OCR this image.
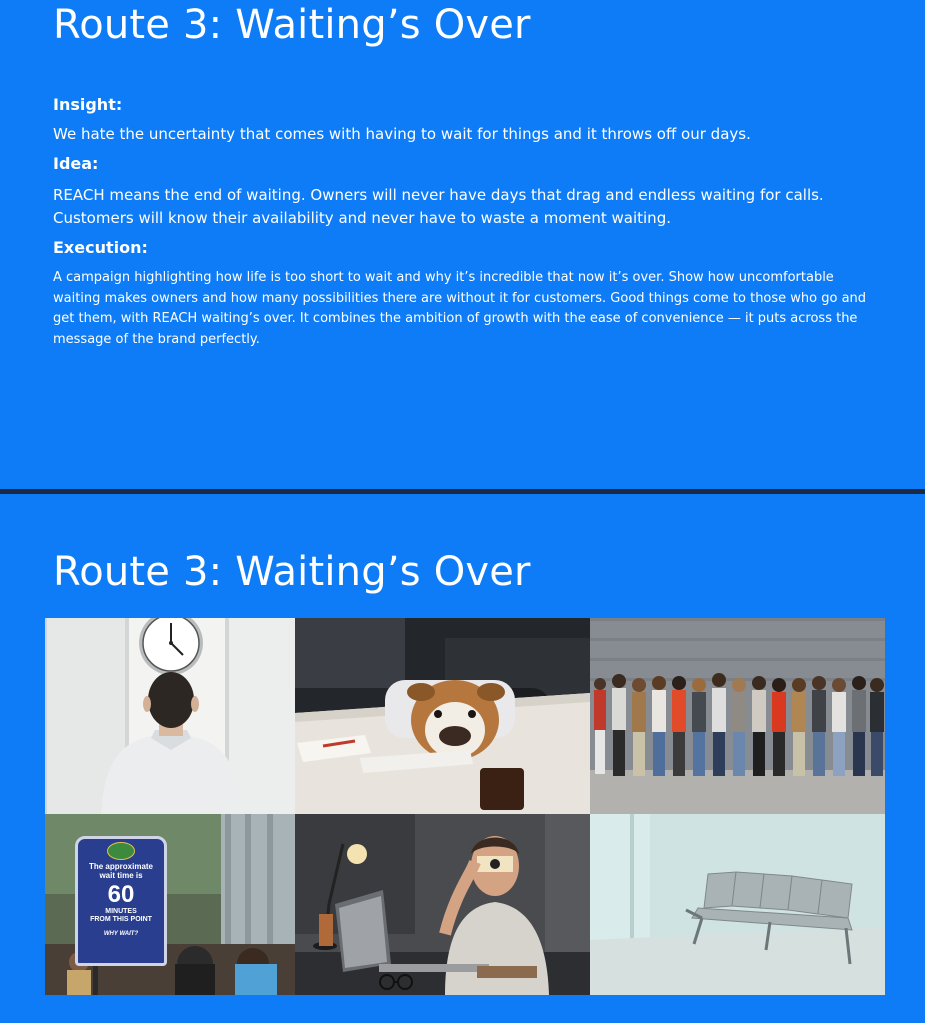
Route 3: Waiting’s Over

Insight:

We hate the uncertainty that comes with having to wait for things and it throws off our days.

Idea:

REACH means the end of waiting. Owners will never have days that drag and endless waiting for calls. Customers will know their availability and never have to waste a moment waiting.

Execution:

A campaign highlighting how life is too short to wait and why it’s incredible that now it’s over. Show how uncomfortable waiting makes owners and how many possibilities there are without it for customers. Good things come to those who go and get them, with REACH waiting’s over. It combines the ambition of growth with the ease of convenience — it puts across the message of the brand perfectly.

Route 3: Waiting’s Over
The approximate
wait time is
60
MINUTES
FROM THIS POINT
WHY WAIT?
